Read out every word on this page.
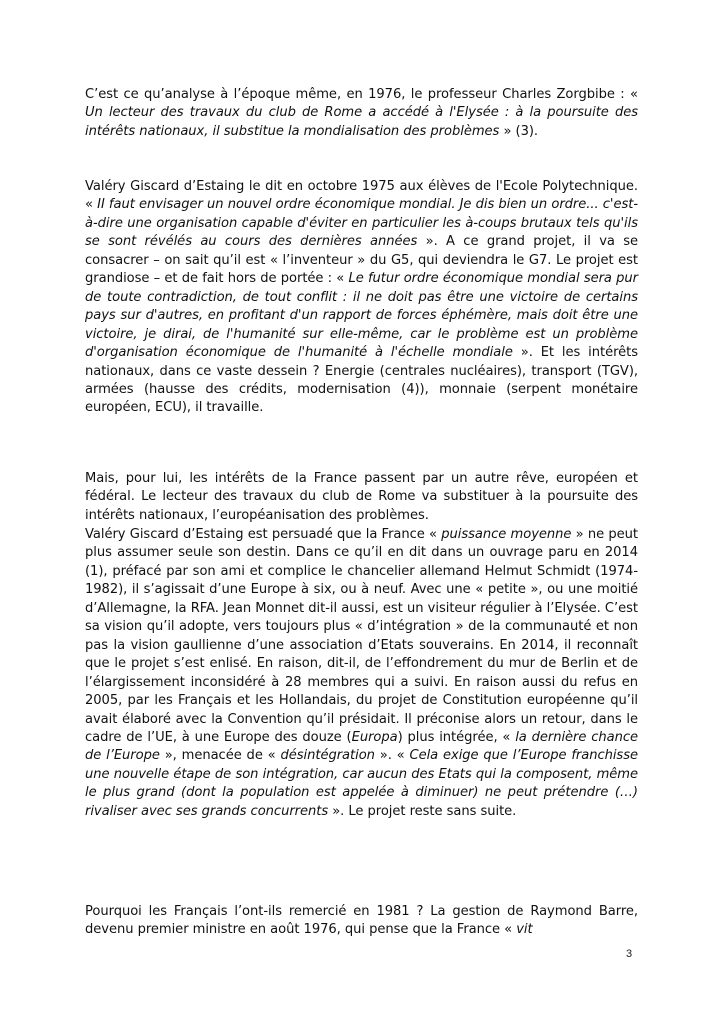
C’est ce qu’analyse à l’époque même, en 1976, le professeur Charles Zorgbibe : « Un lecteur des travaux du club de Rome a accédé à l'Elysée : à la poursuite des intérêts nationaux, il substitue la mondialisation des problèmes » (3).

Valéry Giscard d’Estaing le dit en octobre 1975 aux élèves de l'Ecole Polytechnique. « II faut envisager un nouvel ordre économique mondial. Je dis bien un ordre... c'est-à-dire une organisation capable d'éviter en particulier les à-coups brutaux tels qu'ils se sont révélés au cours des dernières années ». A ce grand projet, il va se consacrer – on sait qu’il est « l’inventeur » du G5, qui deviendra le G7. Le projet est grandiose – et de fait hors de portée : « Le futur ordre économique mondial sera pur de toute contradiction, de tout conflit : il ne doit pas être une victoire de certains pays sur d'autres, en profitant d'un rapport de forces éphémère, mais doit être une victoire, je dirai, de l'humanité sur elle-même, car le problème est un problème d'organisation économique de l'humanité à l'échelle mondiale ». Et les intérêts nationaux, dans ce vaste dessein ? Energie (centrales nucléaires), transport (TGV), armées (hausse des crédits, modernisation (4)), monnaie (serpent monétaire européen, ECU), il travaille.

Mais, pour lui, les intérêts de la France passent par un autre rêve, européen et fédéral. Le lecteur des travaux du club de Rome va substituer à la poursuite des intérêts nationaux, l’européanisation des problèmes.

Valéry Giscard d’Estaing est persuadé que la France « puissance moyenne » ne peut plus assumer seule son destin. Dans ce qu’il en dit dans un ouvrage paru en 2014 (1), préfacé par son ami et complice le chancelier allemand Helmut Schmidt (1974-1982), il s’agissait d’une Europe à six, ou à neuf. Avec une « petite », ou une moitié d’Allemagne, la RFA. Jean Monnet dit-il aussi, est un visiteur régulier à l’Elysée. C’est sa vision qu’il adopte, vers toujours plus « d’intégration » de la communauté et non pas la vision gaullienne d’une association d’Etats souverains. En 2014, il reconnaît que le projet s’est enlisé. En raison, dit-il, de l’effondrement du mur de Berlin et de l’élargissement inconsidéré à 28 membres qui a suivi. En raison aussi du refus en 2005, par les Français et les Hollandais, du projet de Constitution européenne qu’il avait élaboré avec la Convention qu’il présidait. Il préconise alors un retour, dans le cadre de l’UE, à une Europe des douze (Europa) plus intégrée, « la dernière chance de l’Europe », menacée de « désintégration ». « Cela exige que l’Europe franchisse une nouvelle étape de son intégration, car aucun des Etats qui la composent, même le plus grand (dont la population est appelée à diminuer) ne peut prétendre (…) rivaliser avec ses grands concurrents ». Le projet reste sans suite.

Pourquoi les Français l’ont-ils remercié en 1981 ? La gestion de Raymond Barre, devenu premier ministre en août 1976, qui pense que la France « vit

3
